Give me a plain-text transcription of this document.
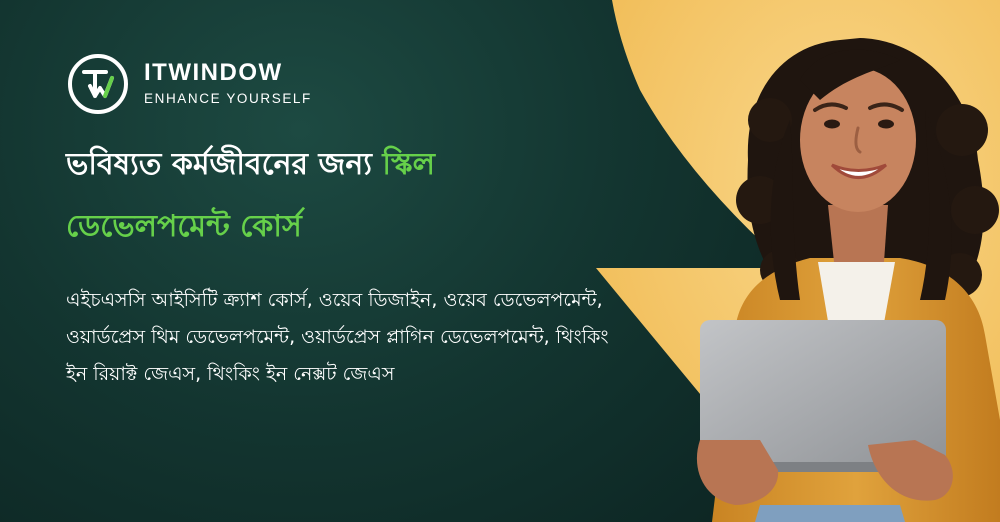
ITWINDOW
ENHANCE YOURSELF
ভবিষ্যত কর্মজীবনের জন্য স্কিল
ডেভেলপমেন্ট কোর্স
এইচএসসি আইসিটি ক্র্যাশ কোর্স, ওয়েব ডিজাইন, ওয়েব ডেভেলপমেন্ট, ওয়ার্ডপ্রেস থিম ডেভেলপমেন্ট, ওয়ার্ডপ্রেস প্লাগিন ডেভেলপমেন্ট, থিংকিং ইন রিয়াক্ট জেএস, থিংকিং ইন নেক্সট জেএস
